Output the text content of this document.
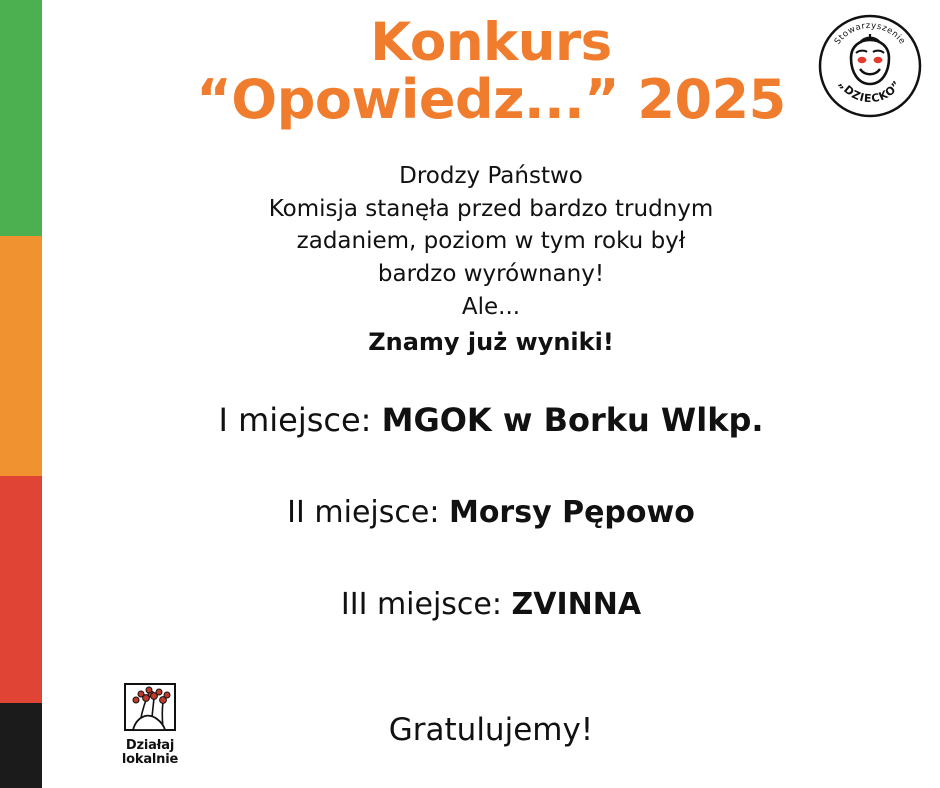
Konkurs
“Opowiedz...” 2025
Drodzy Państwo
Komisja stanęła przed bardzo trudnym
zadaniem, poziom w tym roku był
bardzo wyrównany!
Ale...
Znamy już wyniki!
I miejsce: MGOK w Borku Wlkp.
II miejsce: Morsy Pępowo
III miejsce: ZVINNA
Gratulujemy!
Stowarzyszenie
„DZIECKO”
Działaj
lokalnie
